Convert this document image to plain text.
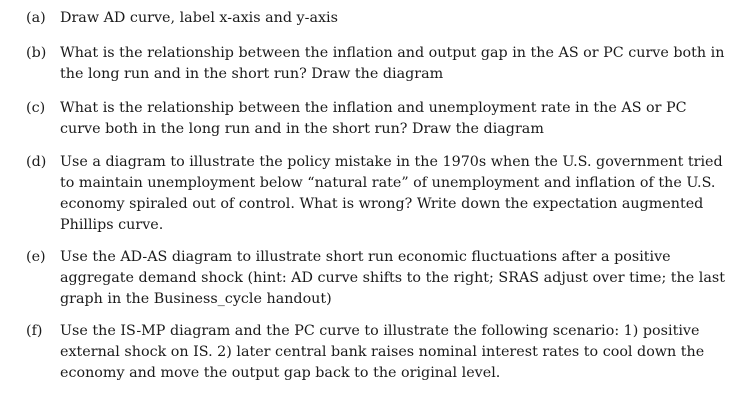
(a)	Draw AD curve, label x-axis and y-axis
(b) What is the relationship between the inflation and output gap in the AS or PC curve both in the long run and in the short run? Draw the diagram
(c)	What is the relationship between the inflation and unemployment rate in the AS or PC curve both in the long run and in the short run? Draw the diagram
(d) Use a diagram to illustrate the policy mistake in the 1970s when the U.S. government tried to maintain unemployment below “natural rate” of unemployment and inflation of the U.S. economy spiraled out of control. What is wrong? Write down the expectation augmented Phillips curve.
(e)	Use the AD-AS diagram to illustrate short run economic fluctuations after a positive aggregate demand shock (hint: AD curve shifts to the right; SRAS adjust over time; the last graph in the Business_cycle handout)
(f)	Use the IS-MP diagram and the PC curve to illustrate the following scenario: 1) positive external shock on IS. 2) later central bank raises nominal interest rates to cool down the economy and move the output gap back to the original level.
